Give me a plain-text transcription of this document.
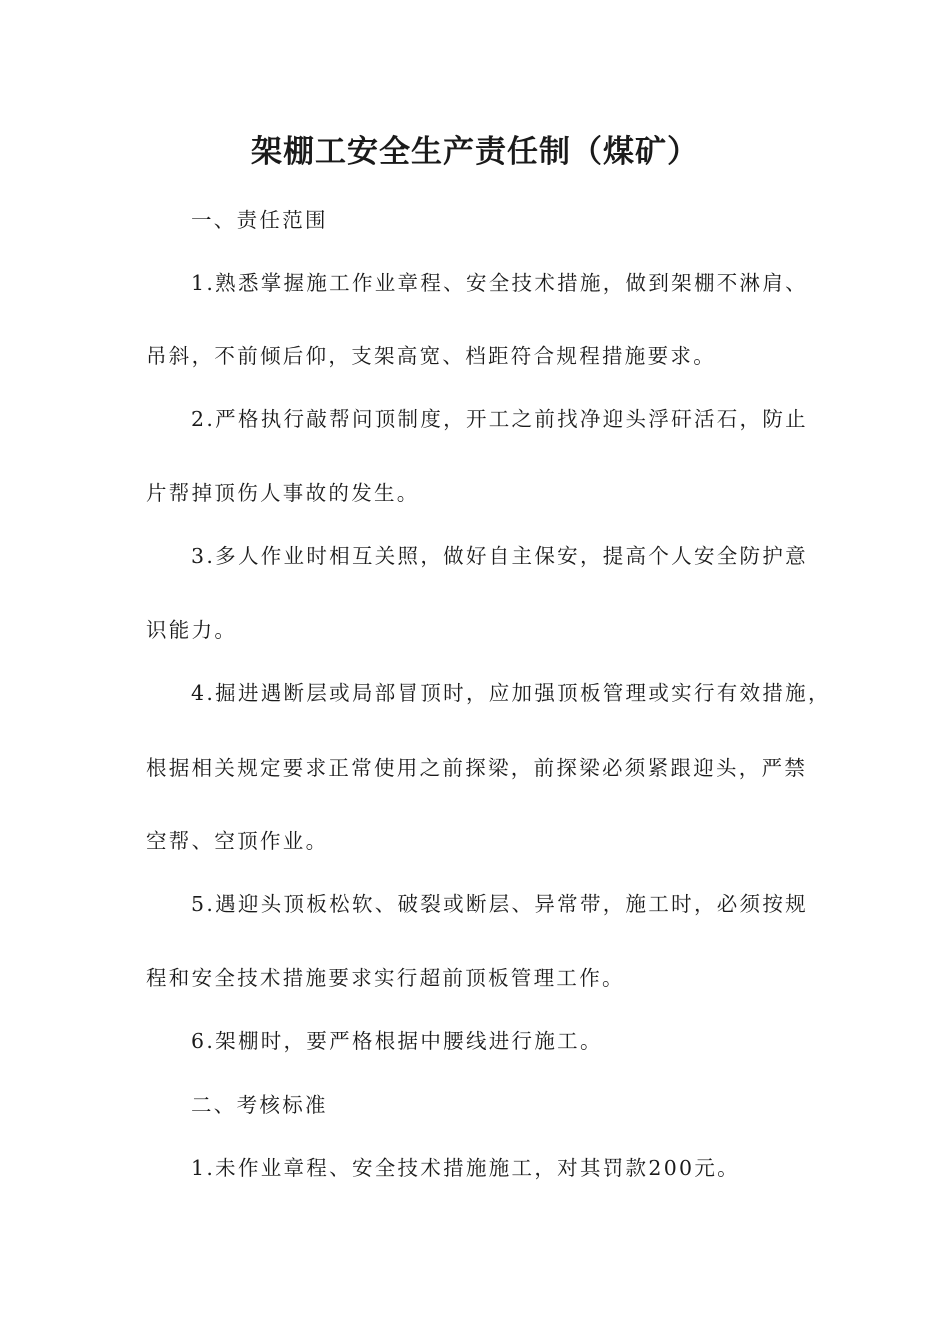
架棚工安全生产责任制（煤矿）
一、责任范围
1.熟悉掌握施工作业章程、安全技术措施，做到架棚不淋肩、
吊斜，不前倾后仰，支架高宽、档距符合规程措施要求。
2.严格执行敲帮问顶制度，开工之前找净迎头浮矸活石，防止
片帮掉顶伤人事故的发生。
3.多人作业时相互关照，做好自主保安，提高个人安全防护意
识能力。
4.掘进遇断层或局部冒顶时，应加强顶板管理或实行有效措施，
根据相关规定要求正常使用之前探梁，前探梁必须紧跟迎头，严禁
空帮、空顶作业。
5.遇迎头顶板松软、破裂或断层、异常带，施工时，必须按规
程和安全技术措施要求实行超前顶板管理工作。
6.架棚时，要严格根据中腰线进行施工。
二、考核标准
1.未作业章程、安全技术措施施工，对其罚款200元。
